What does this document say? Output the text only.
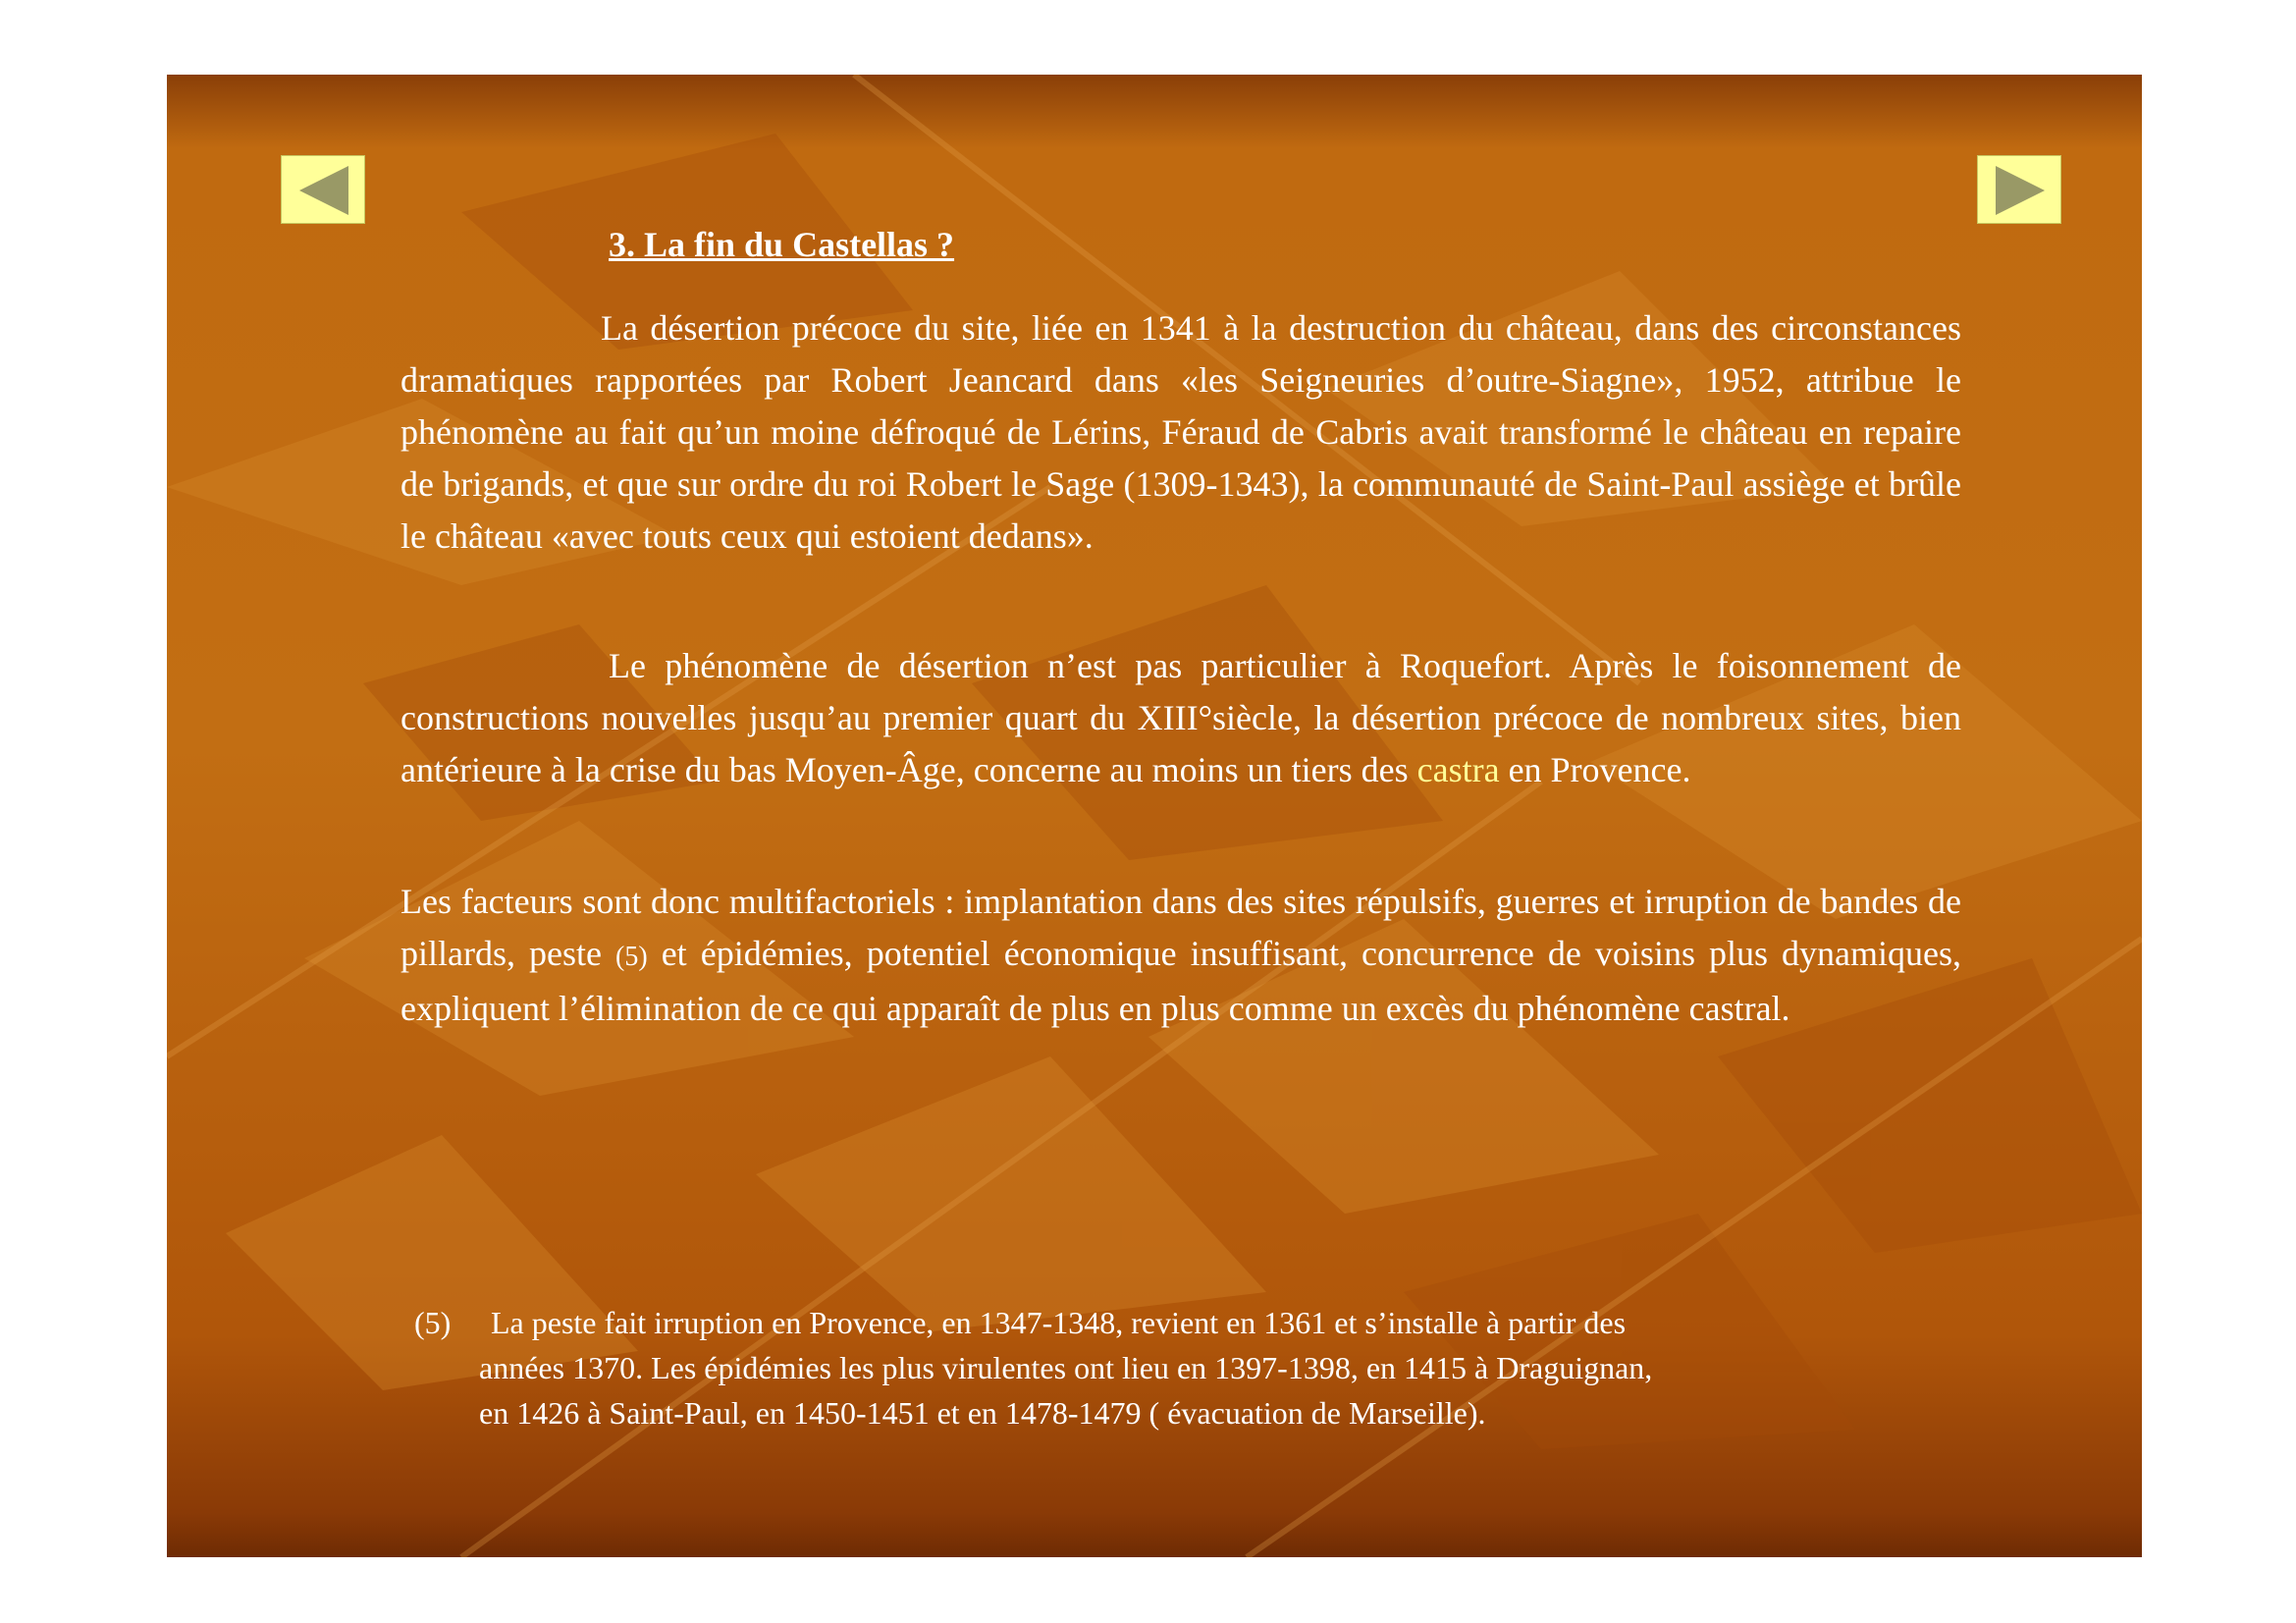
3. La fin du Castellas ?

La désertion précoce du site, liée en 1341 à la destruction du château, dans des circonstances dramatiques rapportées par Robert Jeancard dans «les Seigneuries d’outre-Siagne», 1952, attribue le phénomène au fait qu’un moine défroqué de Lérins, Féraud de Cabris avait transformé le château en repaire de brigands, et que sur ordre du roi Robert le Sage (1309-1343), la communauté de Saint-Paul assiège et brûle le château «avec touts ceux qui estoient dedans».

Le phénomène de désertion n’est pas particulier à Roquefort. Après le foisonnement de constructions nouvelles jusqu’au premier quart du XIII°siècle, la désertion précoce de nombreux sites, bien antérieure à la crise du bas Moyen-Âge, concerne au moins un tiers des castra en Provence.

Les facteurs sont donc multifactoriels : implantation dans des sites répulsifs, guerres et irruption de bandes de pillards, peste (5) et épidémies, potentiel économique insuffisant, concurrence de voisins plus dynamiques, expliquent l’élimination de ce qui apparaît de plus en plus comme un excès du phénomène castral.

(5)	La peste fait irruption en Provence, en 1347-1348, revient en 1361 et s’installe à partir des
années 1370. Les épidémies les plus virulentes ont lieu en 1397-1398, en 1415 à Draguignan,
en 1426 à Saint-Paul, en 1450-1451 et en 1478-1479 ( évacuation de Marseille).
